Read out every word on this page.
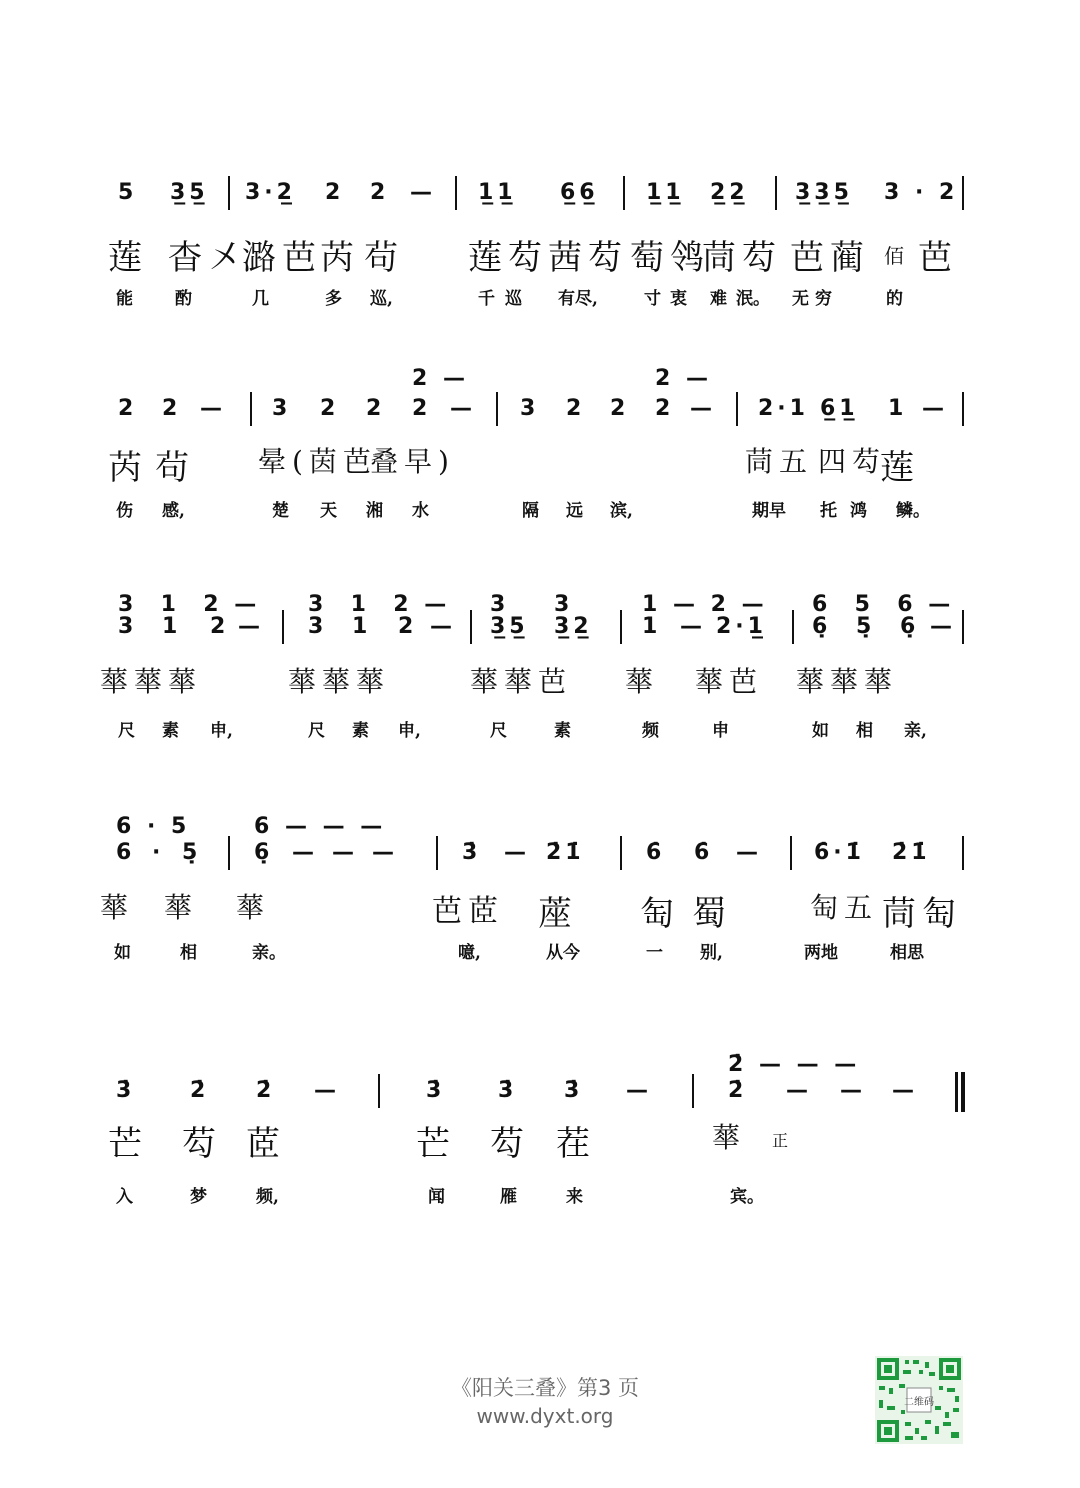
5 3̲5̲ 3·2̲ 2 2 — 1̲1̲ 6̲6̲ 1̲1̲ 2̲2̲ 3̲3̲5̲ 3 · 2
莲 杳㐅
潞芭
芮 茍 莲芶 茜芶 萄鸰
茼芶 芭蔺 佰 芭
能 酌	几	多 巡,	千 巡 有尽,	寸 衷 难 泯。 无 穷	的
2 —	2 —
2 2 — 3 2 2 2 — 3 2 2 2 — 2·1 6̲1̲ 1 —
芮 茍 晕(茵芭
叠早)	茼五 四芶
莲
伤 感,	楚 天 湘 水	隔 远 滨,	期早 托 鸿 鳞。
3  1  2 — 3  1  2 — 3 3	1 — 2 — 6  5  6 —
3 1 2 — 3 1 2 — 3̲5̲ 3̲2̲ 1 — 2·1̲ 6̣ 5̣ 6̣ —
蕐蕐蕐	蕐蕐蕐	蕐蕐芭 蕐 蕐芭 蕐蕐蕐
尺 素 申,	尺 素 申,	尺	素	频	申	如 相 亲,
6 · 5	6 — — —
6 · 5̣ 6̣ — — —	3̇ — 2̇1̇	6̇ 6̇ — 6̇·1̇ 2̇1̇
蕐 蕐 蕐	芭茝 蓙 匋 蜀	匋五 茼匋
如	相	亲。	噫,	从今	一 别,	两地	相思
2̇ — — —
3̇ 2̇ 2̇ —	3̇ 3̇ 3̇ —	2̇ — — —
芒 芶 茝	芒 芶 茬	蕐 正
入	梦	频,	闻	雁	来	宾。
《阳关三叠》第3 页
www.dyxt.org
二维码
